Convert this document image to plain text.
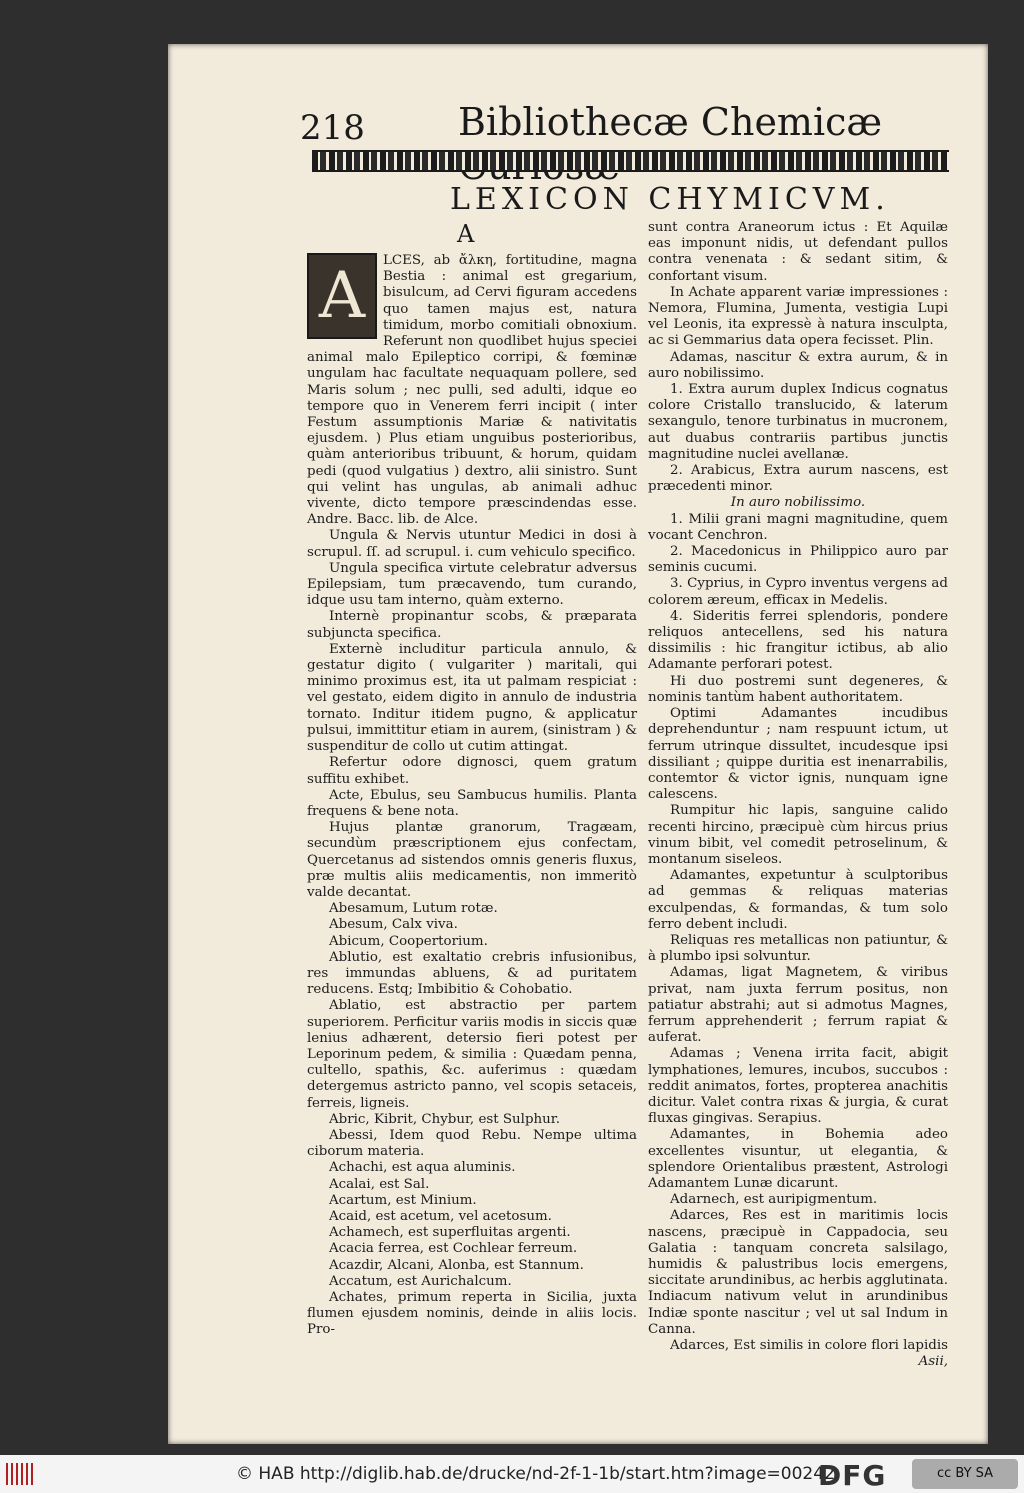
218 Bibliothecæ Chemicæ
LEXICON CHYMICVM.
A
A	LCES, ab ἄλκη, fortitudine, magna Bestia : animal est gregarium, bisulcum, ad Cervi figuram accedens quo tamen majus est, natura timidum, morbo comitiali obnoxium. Referunt non quodlibet hujus speciei animal malo Epileptico corripi, & fœminæ ungulam hac facultate nequaquam pollere, sed Maris solum ; nec pulli, sed adulti, idque eo tempore quo in Venerem ferri incipit ( inter Festum assumptionis Mariæ & nativitatis ejusdem. ) Plus etiam unguibus posterioribus, quàm anterioribus tribuunt, & horum, quidam pedi (quod vulgatius ) dextro, alii sinistro. Sunt qui velint has ungulas, ab animali adhuc vivente, dicto tempore præscindendas esse. Andre. Bacc. lib. de Alce.

Ungula & Nervis utuntur Medici in dosi à scrupul. ſſ. ad scrupul. i. cum vehiculo specifico.

Ungula specifica virtute celebratur adversus Epilepsiam, tum præcavendo, tum curando, idque usu tam interno, quàm externo.

Internè propinantur scobs, & præparata subjuncta specifica.

Externè includitur particula annulo, & gestatur digito ( vulgariter ) maritali, qui minimo proximus est, ita ut palmam respiciat : vel gestato, eidem digito in annulo de industria tornato. Inditur itidem pugno, & applicatur pulsui, immittitur etiam in aurem, (sinistram ) & suspenditur de collo ut cutim attingat.

Refertur odore dignosci, quem gratum suffitu exhibet.

Acte, Ebulus, seu Sambucus humilis. Planta frequens & bene nota.

Hujus plantæ granorum, Tragæam, secundùm præscriptionem ejus confectam, Quercetanus ad sistendos omnis generis fluxus, præ multis aliis medicamentis, non immeritò valde decantat.

Abesamum, Lutum rotæ.

Abesum, Calx viva.

Abicum, Coopertorium.

Ablutio, est exaltatio crebris infusionibus, res immundas abluens, & ad puritatem reducens. Estq; Imbibitio & Cohobatio.

Ablatio, est abstractio per partem superiorem. Perficitur variis modis in siccis quæ lenius adhærent, detersio fieri potest per Leporinum pedem, & similia : Quædam penna, cultello, spathis, &c. auferimus : quædam detergemus astricto panno, vel scopis setaceis, ferreis, ligneis.

Abric, Kibrit, Chybur, est Sulphur.

Abessi, Idem quod Rebu. Nempe ultima ciborum materia.

Achachi, est aqua aluminis.

Acalai, est Sal.

Acartum, est Minium.

Acaid, est acetum, vel acetosum.

Achamech, est superfluitas argenti.

Acacia ferrea, est Cochlear ferreum.

Acazdir, Alcani, Alonba, est Stannum.

Accatum, est Aurichalcum.

Achates, primum reperta in Sicilia, juxta flumen ejusdem nominis, deinde in aliis locis. Pro-

sunt contra Araneorum ictus : Et Aquilæ eas imponunt nidis, ut defendant pullos contra venenata : & sedant sitim, & confortant visum.

In Achate apparent variæ impressiones : Nemora, Flumina, Jumenta, vestigia Lupi vel Leonis, ita expressè à natura insculpta, ac si Gemmarius data opera fecisset. Plin.

Adamas, nascitur & extra aurum, & in auro nobilissimo.

1. Extra aurum duplex Indicus cognatus colore Cristallo translucido, & laterum sexangulo, tenore turbinatus in mucronem, aut duabus contrariis partibus junctis magnitudine nuclei avellanæ.

2. Arabicus, Extra aurum nascens, est præcedenti minor.

In auro nobilissimo.

1. Milii grani magni magnitudine, quem vocant Cenchron.

2. Macedonicus in Philippico auro par seminis cucumi.

3. Cyprius, in Cypro inventus vergens ad colorem æreum, efficax in Medelis.

4. Sideritis ferrei splendoris, pondere reliquos antecellens, sed his natura dissimilis : hic frangitur ictibus, ab alio Adamante perforari potest.

Hi duo postremi sunt degeneres, & nominis tantùm habent authoritatem.

Optimi Adamantes incudibus deprehenduntur ; nam respuunt ictum, ut ferrum utrinque dissultet, incudesque ipsi dissiliant ; quippe duritia est inenarrabilis, contemtor & victor ignis, nunquam igne calescens.

Rumpitur hic lapis, sanguine calido recenti hircino, præcipuè cùm hircus prius vinum bibit, vel comedit petroselinum, & montanum siseleos.

Adamantes, expetuntur à sculptoribus ad gemmas & reliquas materias exculpendas, & formandas, & tum solo ferro debent includi.

Reliquas res metallicas non patiuntur, & à plumbo ipsi solvuntur.

Adamas, ligat Magnetem, & viribus privat, nam juxta ferrum positus, non patiatur abstrahi; aut si admotus Magnes, ferrum apprehenderit ; ferrum rapiat & auferat.

Adamas ; Venena irrita facit, abigit lymphationes, lemures, incubos, succubos : reddit animatos, fortes, propterea anachitis dicitur. Valet contra rixas & jurgia, & curat fluxas gingivas. Serapius.

Adamantes, in Bohemia adeo excellentes visuntur, ut elegantia, & splendore Orientalibus præstent, Astrologi Adamantem Lunæ dicarunt.

Adarnech, est auripigmentum.

Adarces, Res est in maritimis locis nascens, præcipuè in Cappadocia, seu Galatia : tanquam concreta salsilago, humidis & palustribus locis emergens, siccitate arundinibus, ac herbis agglutinata. Indiacum nativum velut in arundinibus Indiæ sponte nascitur ; vel ut sal Indum in Canna.

Adarces, Est similis in colore flori lapidis

Asii,

© HAB http://diglib.hab.de/drucke/nd-2f-1-1b/start.htm?image=00242
DFG	cc BY SA
